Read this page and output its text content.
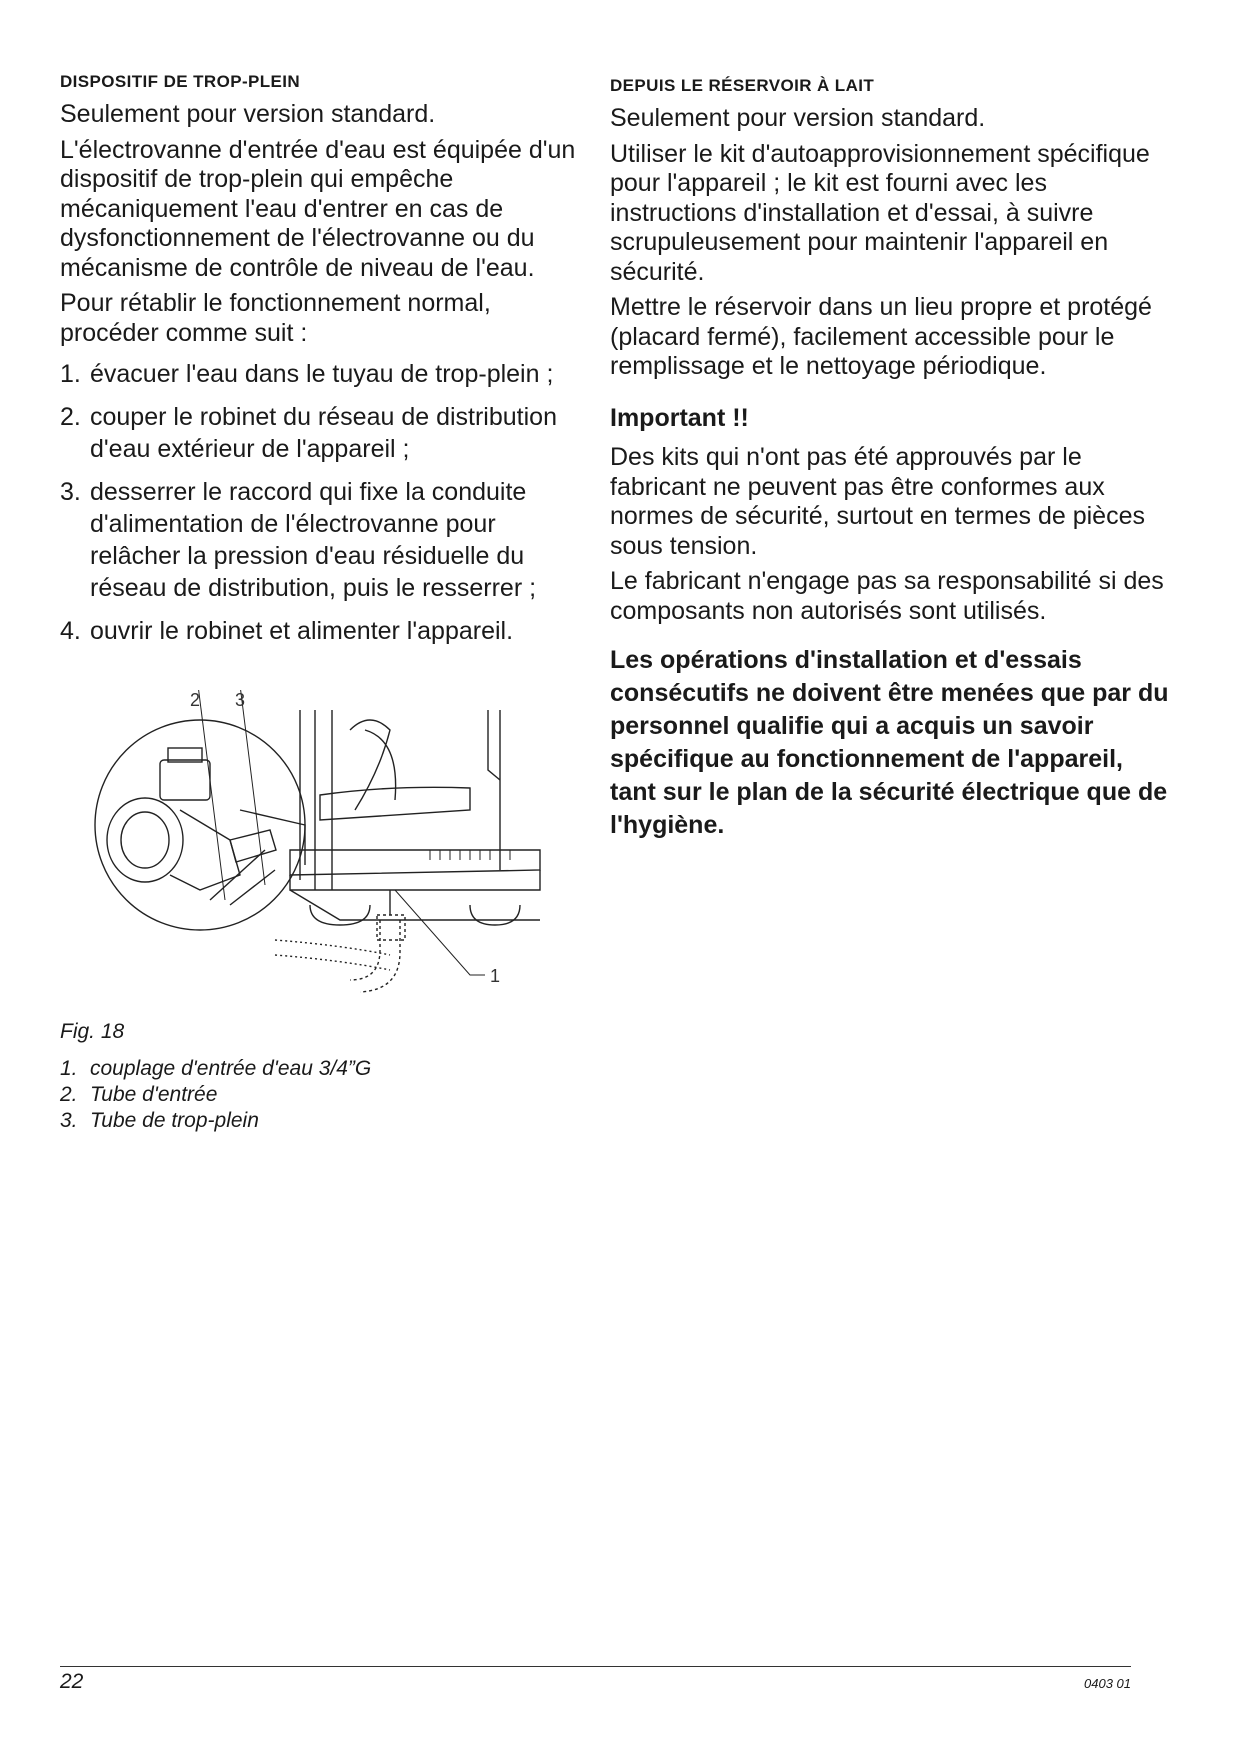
DISPOSITIF DE TROP-PLEIN

Seulement pour version standard.

L'électrovanne d'entrée d'eau est équipée d'un dispositif de trop-plein qui empêche mécaniquement l'eau d'entrer en cas de dysfonctionnement de l'électrovanne ou du mécanisme de contrôle de niveau de l'eau.

Pour rétablir le fonctionnement normal, procéder comme suit :

1. évacuer l'eau dans le tuyau de trop-plein ;
2. couper le robinet du réseau de distribution d'eau extérieur de l'appareil ;
3. desserrer le raccord qui fixe la conduite d'alimentation de l'électrovanne pour relâcher la pression d'eau résiduelle du réseau de distribution, puis le resserrer ;
4. ouvrir le robinet et alimenter l'appareil.
2 3
1
Fig. 18
1. couplage d'entrée d'eau 3/4”G
2. Tube d'entrée
3. Tube de trop-plein
DEPUIS LE RÉSERVOIR À LAIT

Seulement pour version standard.

Utiliser le kit d'autoapprovisionnement spécifique pour l'appareil ; le kit est fourni avec les instructions d'installation et d'essai, à suivre scrupuleusement pour maintenir l'appareil en sécurité.

Mettre le réservoir dans un lieu propre et protégé (placard fermé), facilement accessible pour le remplissage et le nettoyage périodique.

Important !!

Des kits qui n'ont pas été approuvés par le fabricant ne peuvent pas être conformes aux normes de sécurité, surtout en termes de pièces sous tension.

Le fabricant n'engage pas sa responsabilité si des composants non autorisés sont utilisés.

Les opérations d'installation et d'essais consécutifs ne doivent être menées que par du personnel qualifie qui a acquis un savoir spécifique au fonctionnement de l'appareil, tant sur le plan de la sécurité électrique que de l'hygiène.

22	0403 01
